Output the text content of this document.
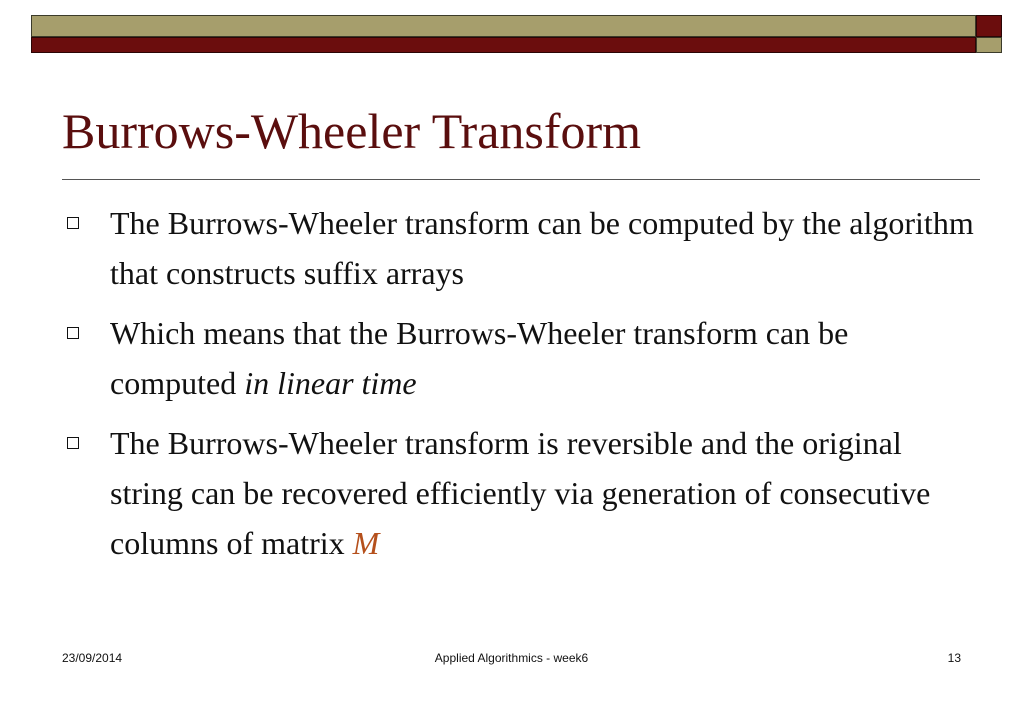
Burrows-Wheeler Transform
The Burrows-Wheeler transform can be computed by the algorithm that constructs suffix arrays
Which means that the Burrows-Wheeler transform can be computed in linear time
The Burrows-Wheeler transform is reversible and the original string can be recovered efficiently via generation of consecutive columns of matrix M
23/09/2014	Applied Algorithmics - week6	13
